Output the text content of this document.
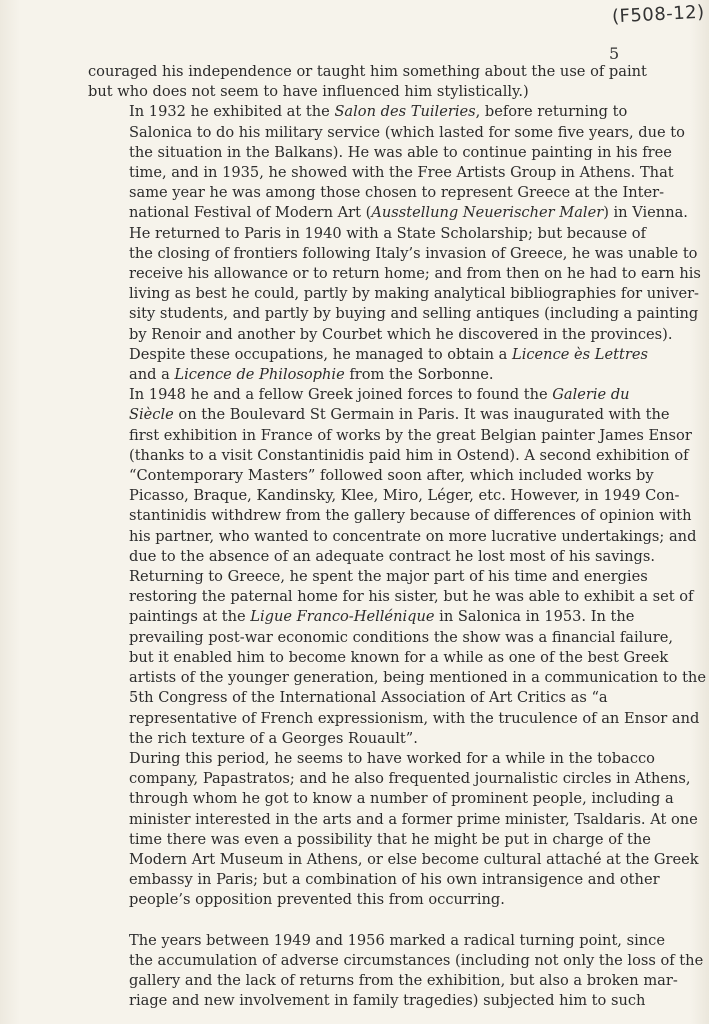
(F508-12)
5

couraged his independence or taught him something about the use of paint
but who does not seem to have influenced him stylistically.)

In 1932 he exhibited at the Salon des Tuileries, before returning to
Salonica to do his military service (which lasted for some five years, due to
the situation in the Balkans). He was able to continue painting in his free
time, and in 1935, he showed with the Free Artists Group in Athens. That
same year he was among those chosen to represent Greece at the Inter-
national Festival of Modern Art (Ausstellung Neuerischer Maler) in Vienna.

He returned to Paris in 1940 with a State Scholarship; but because of
the closing of frontiers following Italy’s invasion of Greece, he was unable to
receive his allowance or to return home; and from then on he had to earn his
living as best he could, partly by making analytical bibliographies for univer-
sity students, and partly by buying and selling antiques (including a painting
by Renoir and another by Courbet which he discovered in the provinces).

Despite these occupations, he managed to obtain a Licence ès Lettres
and a Licence de Philosophie from the Sorbonne.

In 1948 he and a fellow Greek joined forces to found the Galerie du
Siècle on the Boulevard St Germain in Paris. It was inaugurated with the
first exhibition in France of works by the great Belgian painter James Ensor
(thanks to a visit Constantinidis paid him in Ostend). A second exhibition of
“Contemporary Masters” followed soon after, which included works by
Picasso, Braque, Kandinsky, Klee, Miro, Léger, etc. However, in 1949 Con-
stantinidis withdrew from the gallery because of differences of opinion with
his partner, who wanted to concentrate on more lucrative undertakings; and
due to the absence of an adequate contract he lost most of his savings.

Returning to Greece, he spent the major part of his time and energies
restoring the paternal home for his sister, but he was able to exhibit a set of
paintings at the Ligue Franco-Hellénique in Salonica in 1953. In the
prevailing post-war economic conditions the show was a financial failure,
but it enabled him to become known for a while as one of the best Greek
artists of the younger generation, being mentioned in a communication to the
5th Congress of the International Association of Art Critics as “a
representative of French expressionism, with the truculence of an Ensor and
the rich texture of a Georges Rouault”.

During this period, he seems to have worked for a while in the tobacco
company, Papastratos; and he also frequented journalistic circles in Athens,
through whom he got to know a number of prominent people, including a
minister interested in the arts and a former prime minister, Tsaldaris. At one
time there was even a possibility that he might be put in charge of the
Modern Art Museum in Athens, or else become cultural attaché at the Greek
embassy in Paris; but a combination of his own intransigence and other
people’s opposition prevented this from occurring.

The years between 1949 and 1956 marked a radical turning point, since
the accumulation of adverse circumstances (including not only the loss of the
gallery and the lack of returns from the exhibition, but also a broken mar-
riage and new involvement in family tragedies) subjected him to such
